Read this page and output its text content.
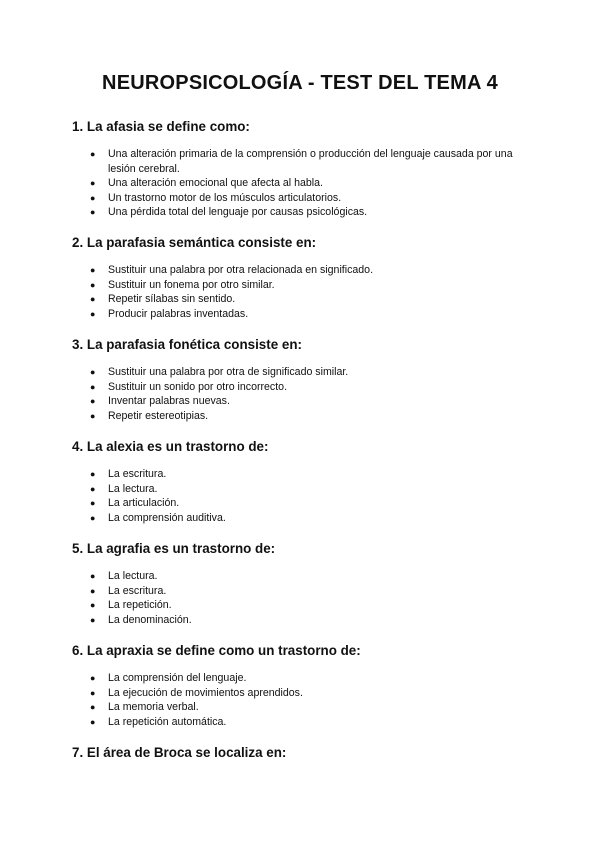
NEUROPSICOLOGÍA - TEST DEL TEMA 4

1. La afasia se define como:

● Una alteración primaria de la comprensión o producción del lenguaje causada por una lesión cerebral.
● Una alteración emocional que afecta al habla.
● Un trastorno motor de los músculos articulatorios.
● Una pérdida total del lenguaje por causas psicológicas.

2. La parafasia semántica consiste en:

● Sustituir una palabra por otra relacionada en significado.
● Sustituir un fonema por otro similar.
● Repetir sílabas sin sentido.
● Producir palabras inventadas.

3. La parafasia fonética consiste en:

● Sustituir una palabra por otra de significado similar.
● Sustituir un sonido por otro incorrecto.
● Inventar palabras nuevas.
● Repetir estereotipias.

4. La alexia es un trastorno de:

● La escritura.
● La lectura.
● La articulación.
● La comprensión auditiva.

5. La agrafia es un trastorno de:

● La lectura.
● La escritura.
● La repetición.
● La denominación.

6. La apraxia se define como un trastorno de:

● La comprensión del lenguaje.
● La ejecución de movimientos aprendidos.
● La memoria verbal.
● La repetición automática.

7. El área de Broca se localiza en:
